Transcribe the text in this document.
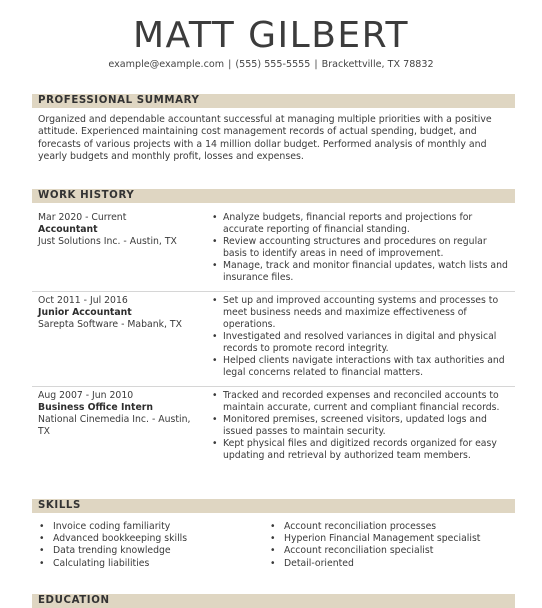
MATT GILBERT
example@example.com | (555) 555-5555 | Brackettville, TX 78832
PROFESSIONAL SUMMARY
Organized and dependable accountant successful at managing multiple priorities with a positive attitude. Experienced maintaining cost management records of actual spending, budget, and forecasts of various projects with a 14 million dollar budget. Performed analysis of monthly and yearly budgets and monthly profit, losses and expenses.
WORK HISTORY
Mar 2020 - Current
Accountant
Just Solutions Inc. - Austin, TX
• Analyze budgets, financial reports and projections for accurate reporting of financial standing.
• Review accounting structures and procedures on regular basis to identify areas in need of improvement.
• Manage, track and monitor financial updates, watch lists and insurance files.
Oct 2011 - Jul 2016
Junior Accountant
Sarepta Software - Mabank, TX
• Set up and improved accounting systems and processes to meet business needs and maximize effectiveness of operations.
• Investigated and resolved variances in digital and physical records to promote record integrity.
• Helped clients navigate interactions with tax authorities and legal concerns related to financial matters.
Aug 2007 - Jun 2010
Business Office Intern
National Cinemedia Inc. - Austin, TX
• Tracked and recorded expenses and reconciled accounts to maintain accurate, current and compliant financial records.
• Monitored premises, screened visitors, updated logs and issued passes to maintain security.
• Kept physical files and digitized records organized for easy updating and retrieval by authorized team members.
SKILLS
• Invoice coding familiarity
• Advanced bookkeeping skills
• Data trending knowledge
• Calculating liabilities
• Account reconciliation processes
• Hyperion Financial Management specialist
• Account reconciliation specialist
• Detail-oriented
EDUCATION
